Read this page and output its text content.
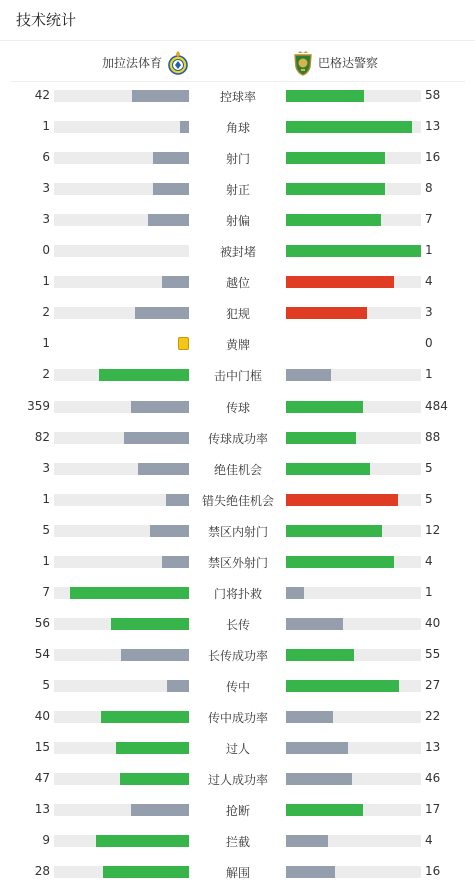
技术统计
加拉法体育	巴格达警察
42	控球率	58
1	角球	13
6	射门	16
3	射正	8
3	射偏	7
0	被封堵	1
1	越位	4
2	犯规	3
1	黄牌	0
2	击中门框	1
359	传球	484
82	传球成功率	88
3	绝佳机会	5
1	错失绝佳机会	5
5	禁区内射门	12
1	禁区外射门	4
7	门将扑救	1
56	长传	40
54	长传成功率	55
5	传中	27
40	传中成功率	22
15	过人	13
47	过人成功率	46
13	抢断	17
9	拦截	4
28	解围	16
